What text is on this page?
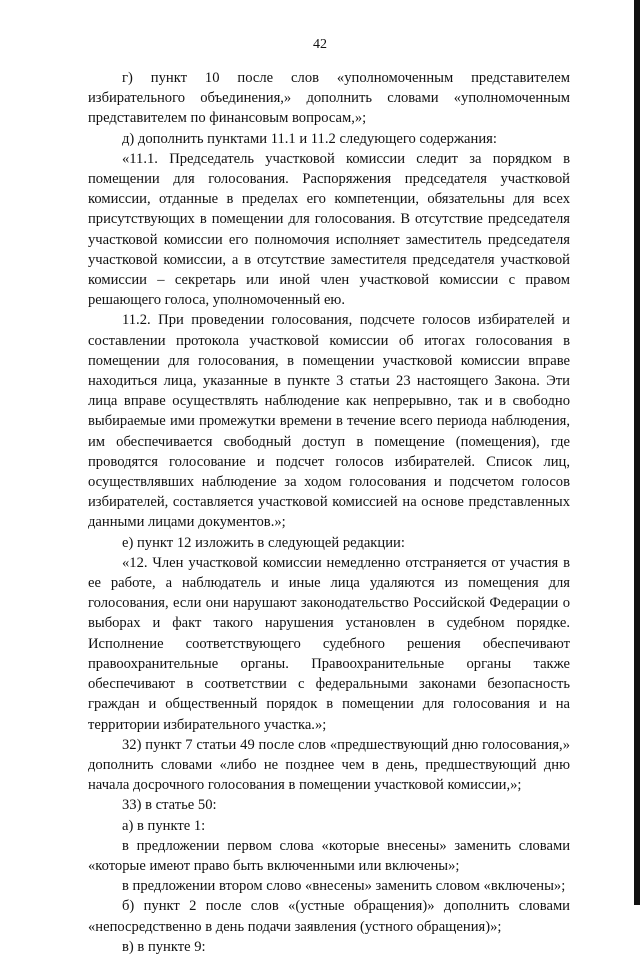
42

г) пункт 10 после слов «уполномоченным представителем избирательного объединения,» дополнить словами «уполномоченным представителем по финансовым вопросам,»;

д) дополнить пунктами 11.1 и 11.2 следующего содержания:

«11.1. Председатель участковой комиссии следит за порядком в помещении для голосования. Распоряжения председателя участковой комиссии, отданные в пределах его компетенции, обязательны для всех присутствующих в помещении для голосования. В отсутствие председателя участковой комиссии его полномочия исполняет заместитель председателя участковой комиссии, а в отсутствие заместителя председателя участковой комиссии – секретарь или иной член участковой комиссии с правом решающего голоса, уполномоченный ею.

11.2. При проведении голосования, подсчете голосов избирателей и составлении протокола участковой комиссии об итогах голосования в помещении для голосования, в помещении участковой комиссии вправе находиться лица, указанные в пункте 3 статьи 23 настоящего Закона. Эти лица вправе осуществлять наблюдение как непрерывно, так и в свободно выбираемые ими промежутки времени в течение всего периода наблюдения, им обеспечивается свободный доступ в помещение (помещения), где проводятся голосование и подсчет голосов избирателей. Список лиц, осуществлявших наблюдение за ходом голосования и подсчетом голосов избирателей, составляется участковой комиссией на основе представленных данными лицами документов.»;

е) пункт 12 изложить в следующей редакции:

«12. Член участковой комиссии немедленно отстраняется от участия в ее работе, а наблюдатель и иные лица удаляются из помещения для голосования, если они нарушают законодательство Российской Федерации о выборах и факт такого нарушения установлен в судебном порядке. Исполнение соответствующего судебного решения обеспечивают правоохранительные органы. Правоохранительные органы также обеспечивают в соответствии с федеральными законами безопасность граждан и общественный порядок в помещении для голосования и на территории избирательного участка.»;

32) пункт 7 статьи 49 после слов «предшествующий дню голосования,» дополнить словами «либо не позднее чем в день, предшествующий дню начала досрочного голосования в помещении участковой комиссии,»;

33) в статье 50:

а) в пункте 1:

в предложении первом слова «которые внесены» заменить словами «которые имеют право быть включенными или включены»;

в предложении втором слово «внесены» заменить словом «включены»;

б) пункт 2 после слов «(устные обращения)» дополнить словами «непосредственно в день подачи заявления (устного обращения)»;

в) в пункте 9:
